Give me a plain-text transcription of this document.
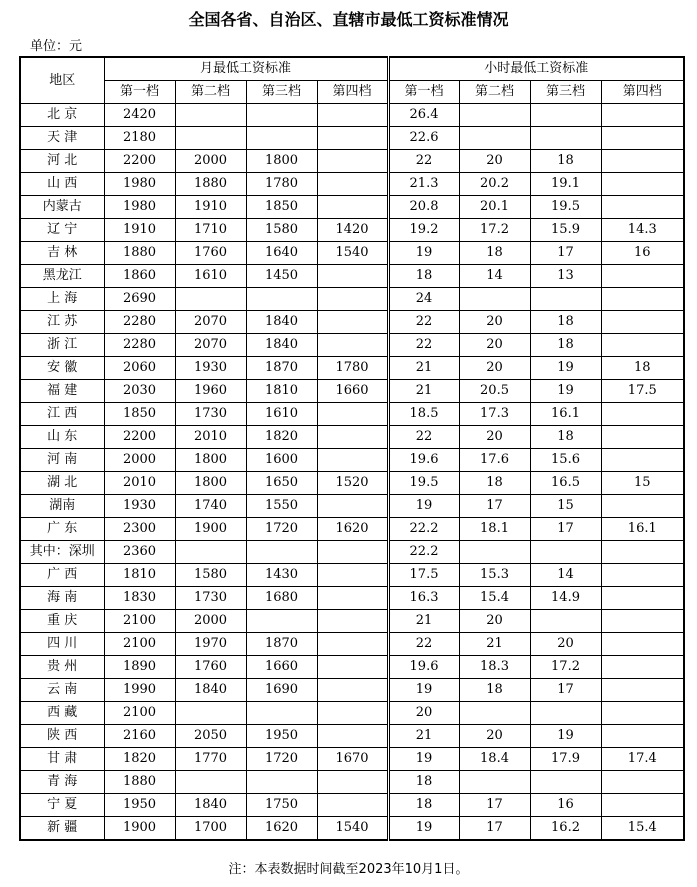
全国各省、自治区、直辖市最低工资标准情况
单位：元
地区	月最低工资标准				小时最低工资标准			
	第一档	第二档	第三档	第四档	第一档	第二档	第三档	第四档
北 京	2420				26.4			
天 津	2180				22.6			
河 北	2200	2000	1800		22	20	18	
山 西	1980	1880	1780		21.3	20.2	19.1	
内蒙古	1980	1910	1850		20.8	20.1	19.5	
辽 宁	1910	1710	1580	1420	19.2	17.2	15.9	14.3
吉 林	1880	1760	1640	1540	19	18	17	16
黑龙江	1860	1610	1450		18	14	13	
上 海	2690				24			
江 苏	2280	2070	1840		22	20	18	
浙 江	2280	2070	1840		22	20	18	
安 徽	2060	1930	1870	1780	21	20	19	18
福 建	2030	1960	1810	1660	21	20.5	19	17.5
江 西	1850	1730	1610		18.5	17.3	16.1	
山 东	2200	2010	1820		22	20	18	
河 南	2000	1800	1600		19.6	17.6	15.6	
湖 北	2010	1800	1650	1520	19.5	18	16.5	15
湖南	1930	1740	1550		19	17	15	
广 东	2300	1900	1720	1620	22.2	18.1	17	16.1
其中：深圳	2360				22.2			
广 西	1810	1580	1430		17.5	15.3	14	
海 南	1830	1730	1680		16.3	15.4	14.9	
重 庆	2100	2000			21	20		
四 川	2100	1970	1870		22	21	20	
贵 州	1890	1760	1660		19.6	18.3	17.2	
云 南	1990	1840	1690		19	18	17	
西 藏	2100				20			
陕 西	2160	2050	1950		21	20	19	
甘 肃	1820	1770	1720	1670	19	18.4	17.9	17.4
青 海	1880				18			
宁 夏	1950	1840	1750		18	17	16	
新 疆	1900	1700	1620	1540	19	17	16.2	15.4
注：本表数据时间截至2023年10月1日。
